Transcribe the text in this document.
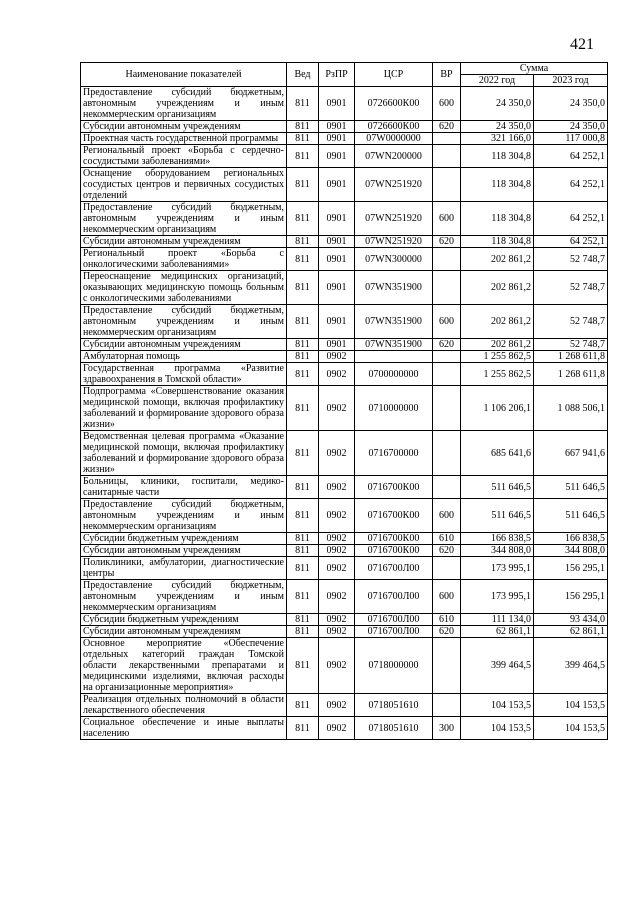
421
Наименование показателей	Вед	РзПР	ЦСР	ВР	Сумма	
					2022 год	2023 год
Предоставление субсидий бюджетным, автономным учреждениям и иным некоммерческим организациям	811	0901	0726600К00	600	24 350,0	24 350,0
Субсидии автономным учреждениям	811	0901	0726600К00	620	24 350,0	24 350,0
Проектная часть государственной программы	811	0901	07W0000000		321 166,0	117 000,8
Региональный проект «Борьба с сердечно-сосудистыми заболеваниями»	811	0901	07WN200000		118 304,8	64 252,1
Оснащение оборудованием региональных сосудистых центров и первичных сосудистых отделений	811	0901	07WN251920		118 304,8	64 252,1
Предоставление субсидий бюджетным, автономным учреждениям и иным некоммерческим организациям	811	0901	07WN251920	600	118 304,8	64 252,1
Субсидии автономным учреждениям	811	0901	07WN251920	620	118 304,8	64 252,1
Региональный проект «Борьба с онкологическими заболеваниями»	811	0901	07WN300000		202 861,2	52 748,7
Переоснащение медицинских организаций, оказывающих медицинскую помощь больным с онкологическими заболеваниями	811	0901	07WN351900		202 861,2	52 748,7
Предоставление субсидий бюджетным, автономным учреждениям и иным некоммерческим организациям	811	0901	07WN351900	600	202 861,2	52 748,7
Субсидии автономным учреждениям	811	0901	07WN351900	620	202 861,2	52 748,7
Амбулаторная помощь	811	0902			1 255 862,5	1 268 611,8
Государственная программа «Развитие здравоохранения в Томской области»	811	0902	0700000000		1 255 862,5	1 268 611,8
Подпрограмма «Совершенствование оказания медицинской помощи, включая профилактику заболеваний и формирование здорового образа жизни»	811	0902	0710000000		1 106 206,1	1 088 506,1
Ведомственная целевая программа «Оказание медицинской помощи, включая профилактику заболеваний и формирование здорового образа жизни»	811	0902	0716700000		685 641,6	667 941,6
Больницы, клиники, госпитали, медико-санитарные части	811	0902	0716700К00		511 646,5	511 646,5
Предоставление субсидий бюджетным, автономным учреждениям и иным некоммерческим организациям	811	0902	0716700К00	600	511 646,5	511 646,5
Субсидии бюджетным учреждениям	811	0902	0716700К00	610	166 838,5	166 838,5
Субсидии автономным учреждениям	811	0902	0716700К00	620	344 808,0	344 808,0
Поликлиники, амбулатории, диагностические центры	811	0902	0716700Л00		173 995,1	156 295,1
Предоставление субсидий бюджетным, автономным учреждениям и иным некоммерческим организациям	811	0902	0716700Л00	600	173 995,1	156 295,1
Субсидии бюджетным учреждениям	811	0902	0716700Л00	610	111 134,0	93 434,0
Субсидии автономным учреждениям	811	0902	0716700Л00	620	62 861,1	62 861,1
Основное мероприятие «Обеспечение отдельных категорий граждан Томской области лекарственными препаратами и медицинскими изделиями, включая расходы на организационные мероприятия»	811	0902	0718000000		399 464,5	399 464,5
Реализация отдельных полномочий в области лекарственного обеспечения	811	0902	0718051610		104 153,5	104 153,5
Социальное обеспечение и иные выплаты населению	811	0902	0718051610	300	104 153,5	104 153,5
